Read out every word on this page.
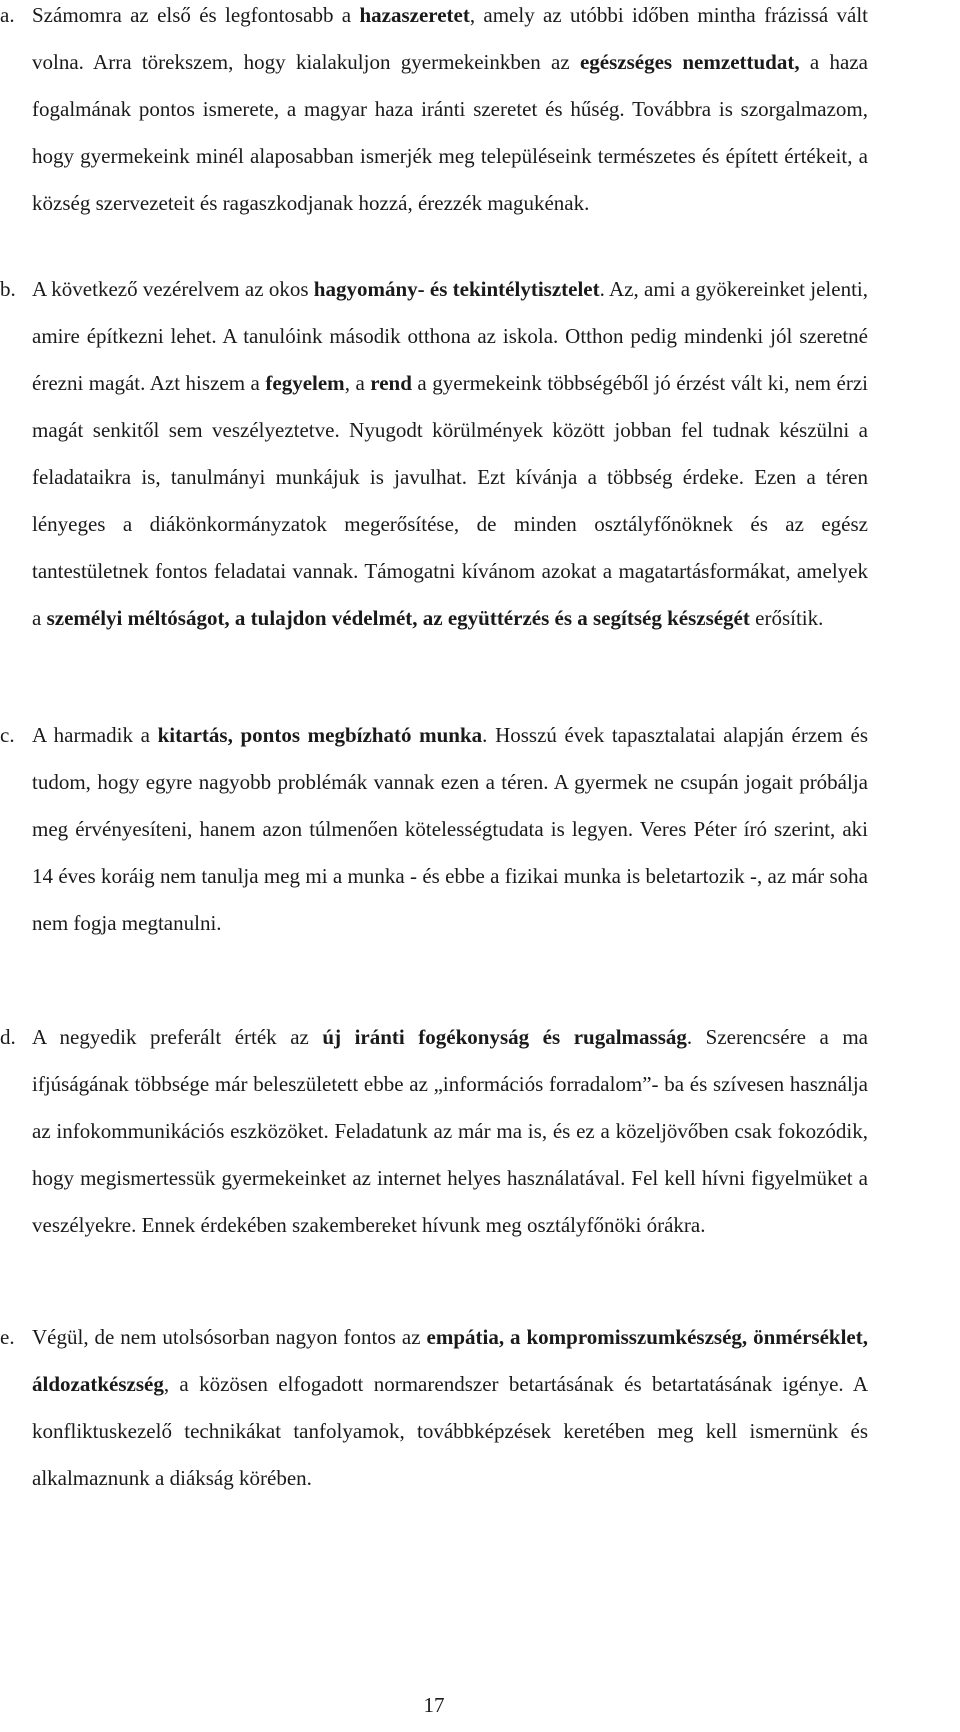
a. Számomra az első és legfontosabb a hazaszeretet, amely az utóbbi időben mintha frázissá vált volna. Arra törekszem, hogy kialakuljon gyermekeinkben az egészséges nemzettudat, a haza fogalmának pontos ismerete, a magyar haza iránti szeretet és hűség. Továbbra is szorgalmazom, hogy gyermekeink minél alaposabban ismerjék meg településeink természetes és épített értékeit, a község szervezeteit és ragaszkodjanak hozzá, érezzék magukénak.

b. A következő vezérelvem az okos hagyomány- és tekintélytisztelet. Az, ami a gyökereinket jelenti, amire építkezni lehet. A tanulóink második otthona az iskola. Otthon pedig mindenki jól szeretné érezni magát. Azt hiszem a fegyelem, a rend a gyermekeink többségéből jó érzést vált ki, nem érzi magát senkitől sem veszélyeztetve. Nyugodt körülmények között jobban fel tudnak készülni a feladataikra is, tanulmányi munkájuk is javulhat. Ezt kívánja a többség érdeke. Ezen a téren lényeges a diákönkormányzatok megerősítése, de minden osztályfőnöknek és az egész tantestületnek fontos feladatai vannak. Támogatni kívánom azokat a magatartásformákat, amelyek a személyi méltóságot, a tulajdon védelmét, az együttérzés és a segítség készségét erősítik.

c. A harmadik a kitartás, pontos megbízható munka. Hosszú évek tapasztalatai alapján érzem és tudom, hogy egyre nagyobb problémák vannak ezen a téren. A gyermek ne csupán jogait próbálja meg érvényesíteni, hanem azon túlmenően kötelességtudata is legyen. Veres Péter író szerint, aki 14 éves koráig nem tanulja meg mi a munka - és ebbe a fizikai munka is beletartozik -, az már soha nem fogja megtanulni.

d. A negyedik preferált érték az új iránti fogékonyság és rugalmasság. Szerencsére a ma ifjúságának többsége már beleszületett ebbe az „információs forradalom”- ba és szívesen használja az infokommunikációs eszközöket. Feladatunk az már ma is, és ez a közeljövőben csak fokozódik, hogy megismertessük gyermekeinket az internet helyes használatával. Fel kell hívni figyelmüket a veszélyekre. Ennek érdekében szakembereket hívunk meg osztályfőnöki órákra.

e. Végül, de nem utolsósorban nagyon fontos az empátia, a kompromisszumkészség, önmérséklet, áldozatkészség, a közösen elfogadott normarendszer betartásának és betartatásának igénye. A konfliktuskezelő technikákat tanfolyamok, továbbképzések keretében meg kell ismernünk és alkalmaznunk a diákság körében.

17
